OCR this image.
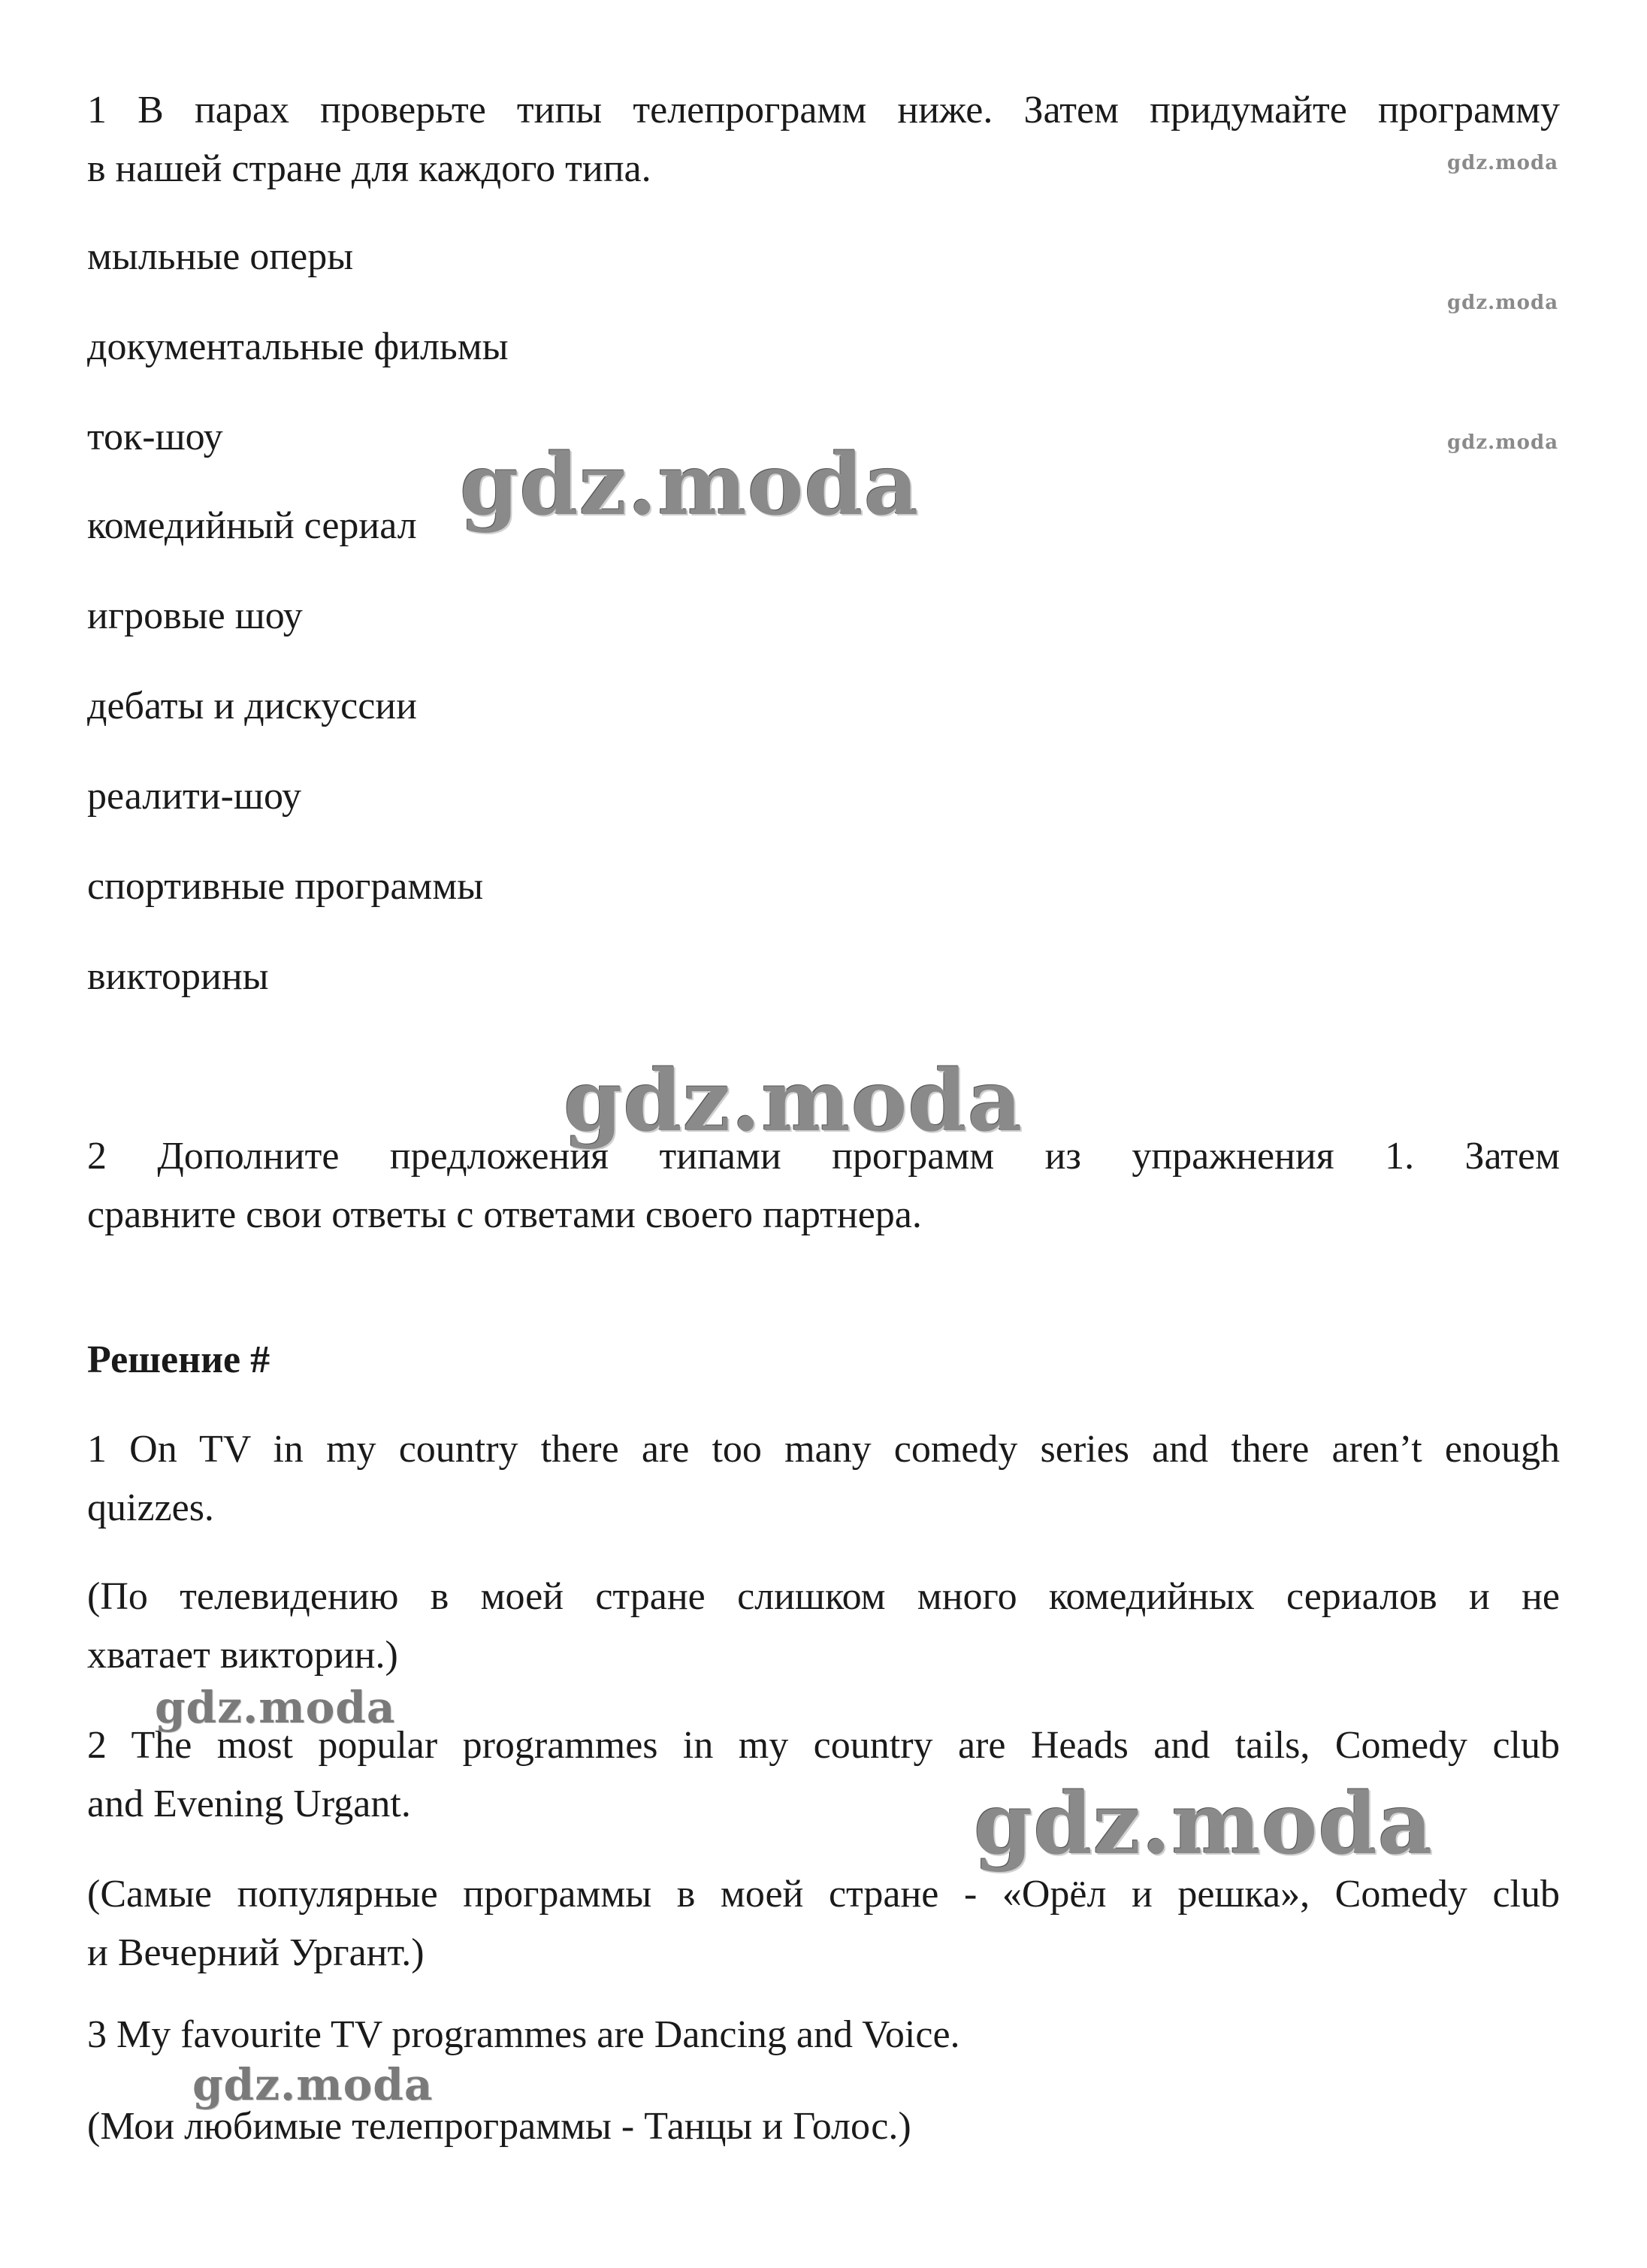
1 В парах проверьте типы телепрограмм ниже. Затем придумайте программу
в нашей стране для каждого типа.
мыльные оперы
документальные фильмы
ток-шоу
комедийный сериал
игровые шоу
дебаты и дискуссии
реалити-шоу
спортивные программы
викторины
2 Дополните предложения типами программ из упражнения 1. Затем
сравните свои ответы с ответами своего партнера.
Решение #
1 On TV in my country there are too many comedy series and there aren’t enough
quizzes.
(По телевидению в моей стране слишком много комедийных сериалов и не
хватает викторин.)
2 The most popular programmes in my country are Heads and tails, Comedy club
and Evening Urgant.
(Самые популярные программы в моей стране - «Орёл и решка», Comedy club
и Вечерний Ургант.)
3 My favourite TV programmes are Dancing and Voice.
(Мои любимые телепрограммы - Танцы и Голос.)
gdz.moda
gdz.moda
gdz.moda
gdz.moda
gdz.moda
gdz.moda
gdz.moda
gdz.moda
